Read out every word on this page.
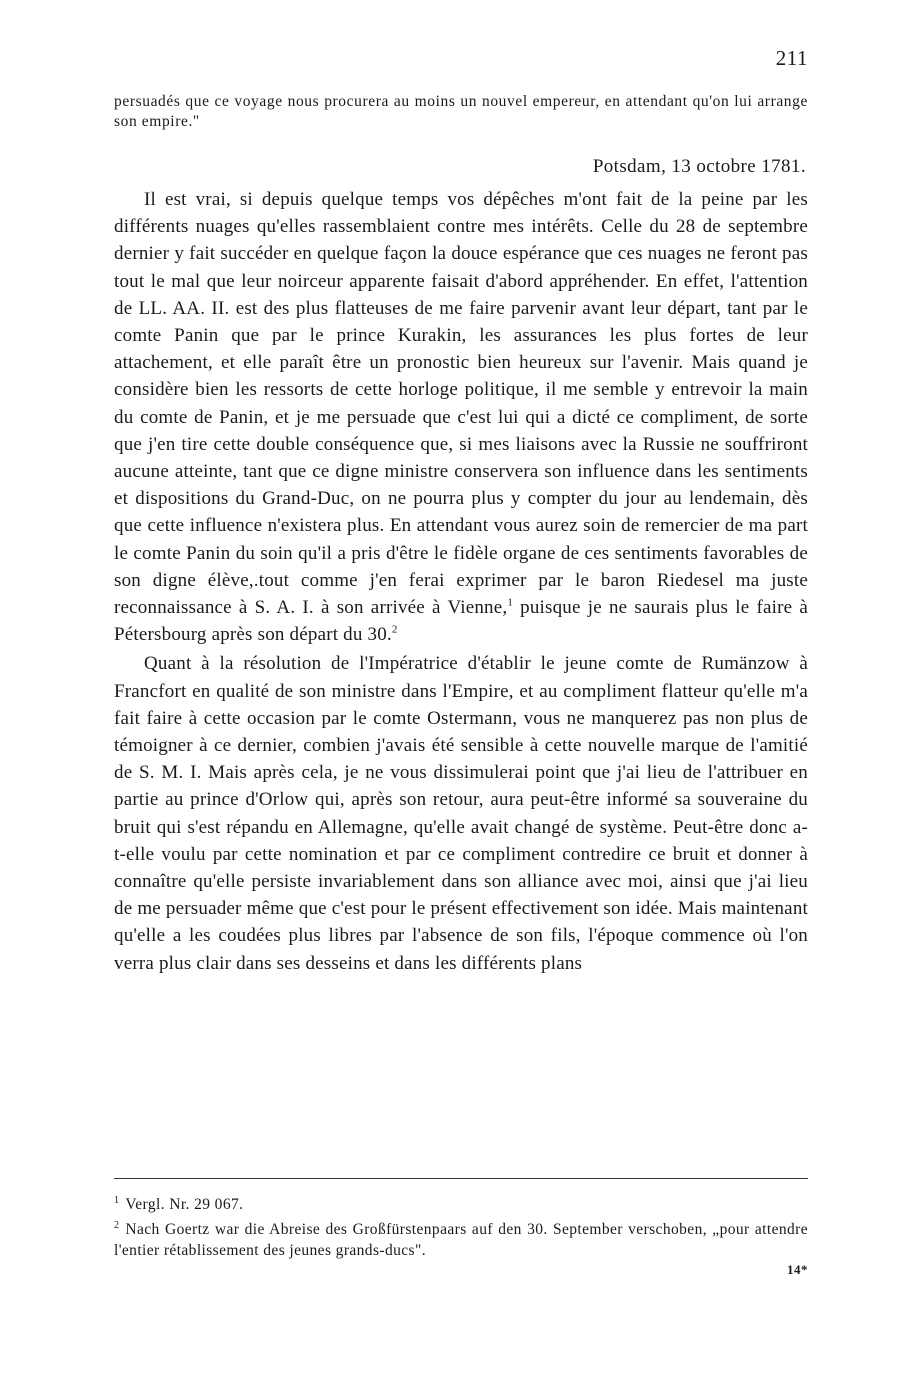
211
persuadés que ce voyage nous procurera au moins un nouvel empereur, en attendant qu'on lui arrange son empire."
Potsdam, 13 octobre 1781.

Il est vrai, si depuis quelque temps vos dépêches m'ont fait de la peine par les différents nuages qu'elles rassemblaient contre mes intérêts. Celle du 28 de septembre dernier y fait succéder en quelque façon la douce espérance que ces nuages ne feront pas tout le mal que leur noirceur apparente faisait d'abord appréhender. En effet, l'attention de LL. AA. II. est des plus flatteuses de me faire parvenir avant leur départ, tant par le comte Panin que par le prince Kurakin, les assurances les plus fortes de leur attachement, et elle paraît être un pronostic bien heureux sur l'avenir. Mais quand je considère bien les ressorts de cette horloge politique, il me semble y entrevoir la main du comte de Panin, et je me persuade que c'est lui qui a dicté ce compliment, de sorte que j'en tire cette double conséquence que, si mes liaisons avec la Russie ne souffriront aucune atteinte, tant que ce digne ministre conservera son influence dans les sentiments et dispositions du Grand-Duc, on ne pourra plus y compter du jour au lendemain, dès que cette influence n'existera plus. En attendant vous aurez soin de remercier de ma part le comte Panin du soin qu'il a pris d'être le fidèle organe de ces sentiments favorables de son digne élève,.tout comme j'en ferai exprimer par le baron Riedesel ma juste reconnaissance à S. A. I. à son arrivée à Vienne,$^1$ puisque je ne saurais plus le faire à Pétersbourg après son départ du 30.$^2$

Quant à la résolution de l'Impératrice d'établir le jeune comte de Rumänzow à Francfort en qualité de son ministre dans l'Empire, et au compliment flatteur qu'elle m'a fait faire à cette occasion par le comte Ostermann, vous ne manquerez pas non plus de témoigner à ce dernier, combien j'avais été sensible à cette nouvelle marque de l'amitié de S. M. I. Mais après cela, je ne vous dissimulerai point que j'ai lieu de l'attribuer en partie au prince d'Orlow qui, après son retour, aura peut-être informé sa souveraine du bruit qui s'est répandu en Allemagne, qu'elle avait changé de système. Peut-être donc a-t-elle voulu par cette nomination et par ce compliment contredire ce bruit et donner à connaître qu'elle persiste invariablement dans son alliance avec moi, ainsi que j'ai lieu de me persuader même que c'est pour le présent effectivement son idée. Mais maintenant qu'elle a les coudées plus libres par l'absence de son fils, l'époque commence où l'on verra plus clair dans ses desseins et dans les différents plans

$^1$ Vergl. Nr. 29 067.

$^2$ Nach Goertz war die Abreise des Großfürstenpaars auf den 30. September verschoben, „pour attendre l'entier rétablissement des jeunes grands-ducs".

14*
